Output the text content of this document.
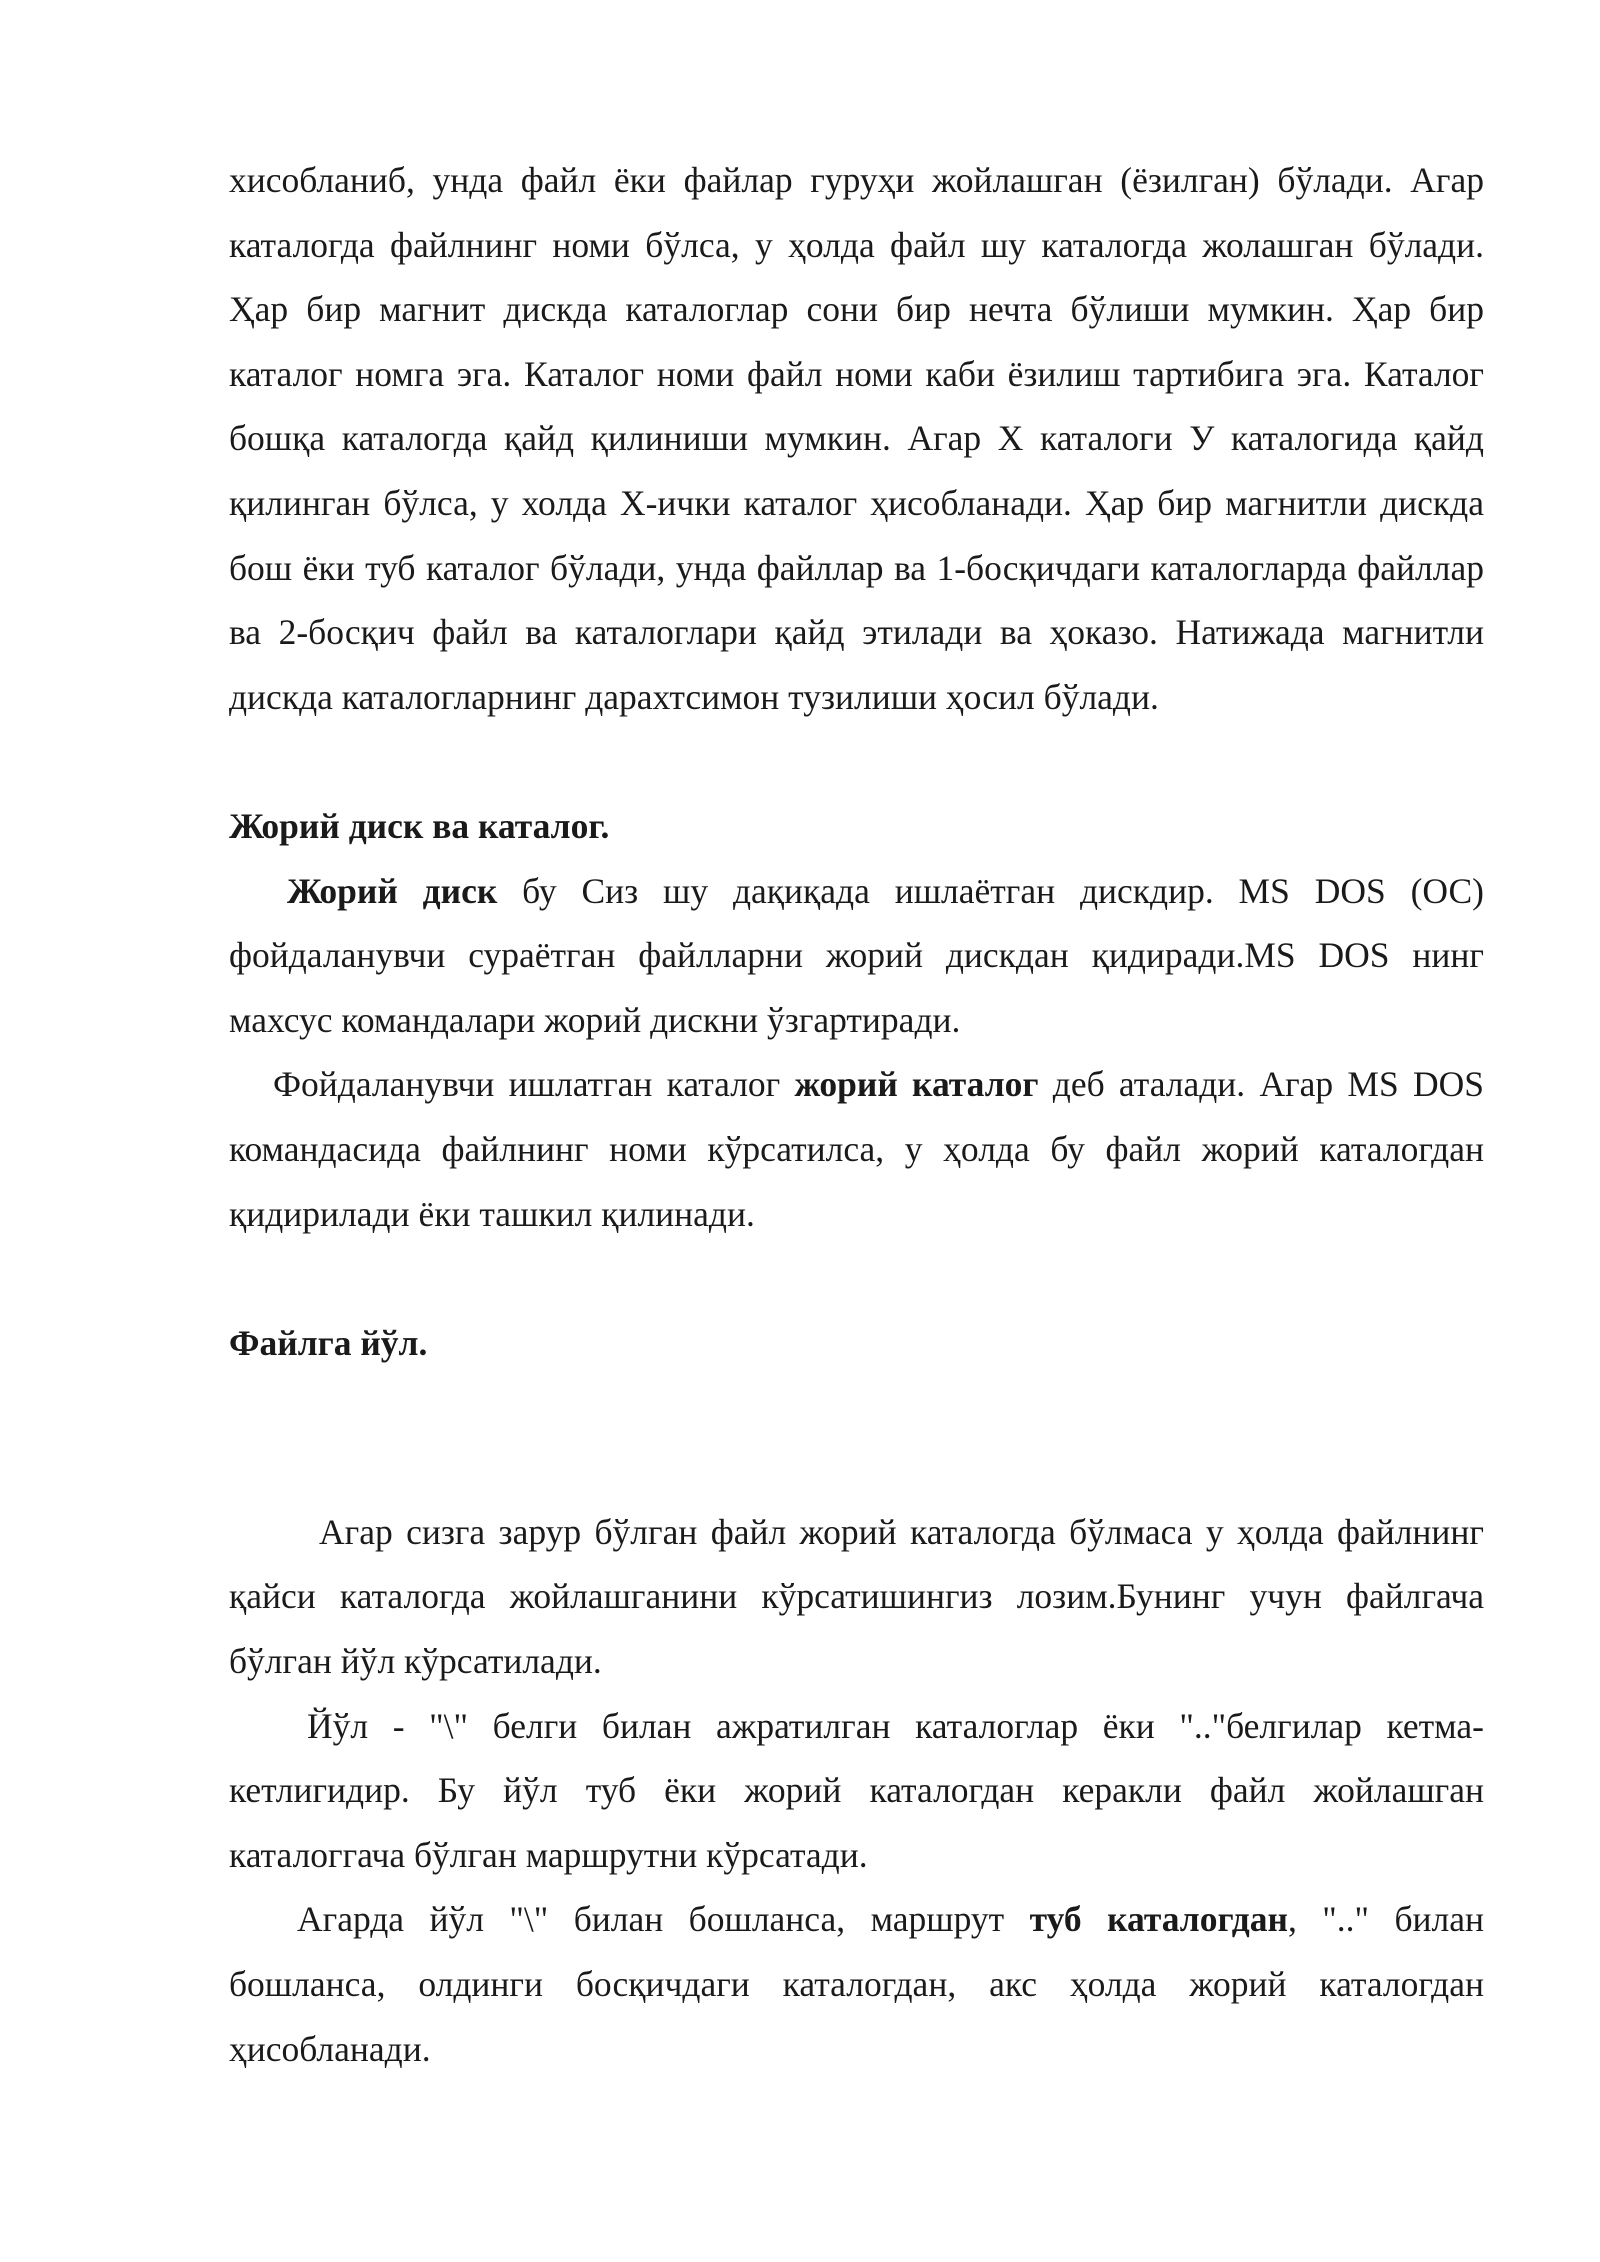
хисобланиб, унда файл ёки файлар гуруҳи жойлашган (ёзилган) бўлади. Агар каталогда файлнинг номи бўлса, у ҳолда файл шу каталогда жолашган бўлади. Ҳар бир магнит дискда каталоглар сони бир нечта бўлиши мумкин. Ҳар бир каталог номга эга. Каталог номи файл номи каби ёзилиш тартибига эга. Каталог бошқа каталогда қайд қилиниши мумкин. Агар Х каталоги У каталогида қайд қилинган бўлса, у холда Х-ички каталог ҳисобланади. Ҳар бир магнитли дискда бош ёки туб каталог бўлади, унда файллар ва 1-босқичдаги каталогларда файллар ва 2-босқич файл ва каталоглари қайд этилади ва ҳоказо. Натижада магнитли дискда каталогларнинг дарахтсимон тузилиши ҳосил бўлади.

Жорий диск ва каталог.

Жорий диск бу Сиз шу дақиқада ишлаётган дискдир. MS DOS (ОС) фойдаланувчи сураётган файлларни жорий дискдан қидиради.MS DOS нинг махсус командалари жорий дискни ўзгартиради.

Фойдаланувчи ишлатган каталог жорий каталог деб аталади. Агар MS DOS командасида файлнинг номи кўрсатилса, у ҳолда бу файл жорий каталогдан қидирилади ёки ташкил қилинади.

Файлга йўл.

Агар сизга зарур бўлган файл жорий каталогда бўлмаса у ҳолда файлнинг қайси каталогда жойлашганини кўрсатишингиз лозим.Бунинг учун файлгача бўлган йўл кўрсатилади.

Йўл - "\" белги билан ажратилган каталоглар ёки ".."белгилар кетма-кетлигидир. Бу йўл туб ёки жорий каталогдан керакли файл жойлашган каталоггача бўлган маршрутни кўрсатади.

Агарда йўл "\" билан бошланса, маршрут туб каталогдан, ".." билан бошланса, олдинги босқичдаги каталогдан, акс ҳолда жорий каталогдан ҳисобланади.
